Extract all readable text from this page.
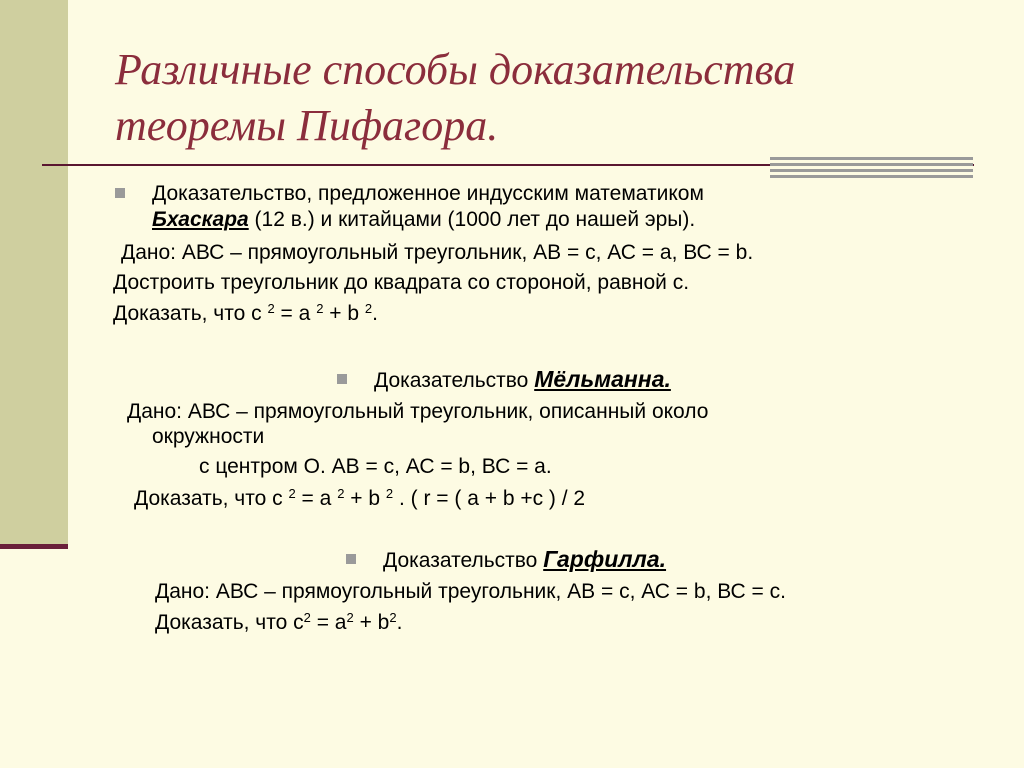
Различные способы доказательства
теоремы Пифагора.
Доказательство, предложенное индусским математиком
Бхаскара (12 в.) и китайцами (1000 лет до нашей эры).
Дано: АВС – прямоугольный треугольник, АВ = с, АС = а, ВС = b.
Достроить треугольник до квадрата со стороной, равной с.
Доказать, что с $^2$ = а $^2$ + b $^2$.
Доказательство Мёльманна.
Дано: АВС – прямоугольный треугольник, описанный около
окружности
с центром О. АВ = с, АС = b, ВС = а.
Доказать, что с $^2$ = а $^2$ + b $^2$ . ( r = ( a + b +c ) / 2
Доказательство Гарфилла.
Дано: АВС – прямоугольный треугольник, АВ = с, АС = b, ВС = с.
Доказать, что $с^2 = а^2 + b^2$.
